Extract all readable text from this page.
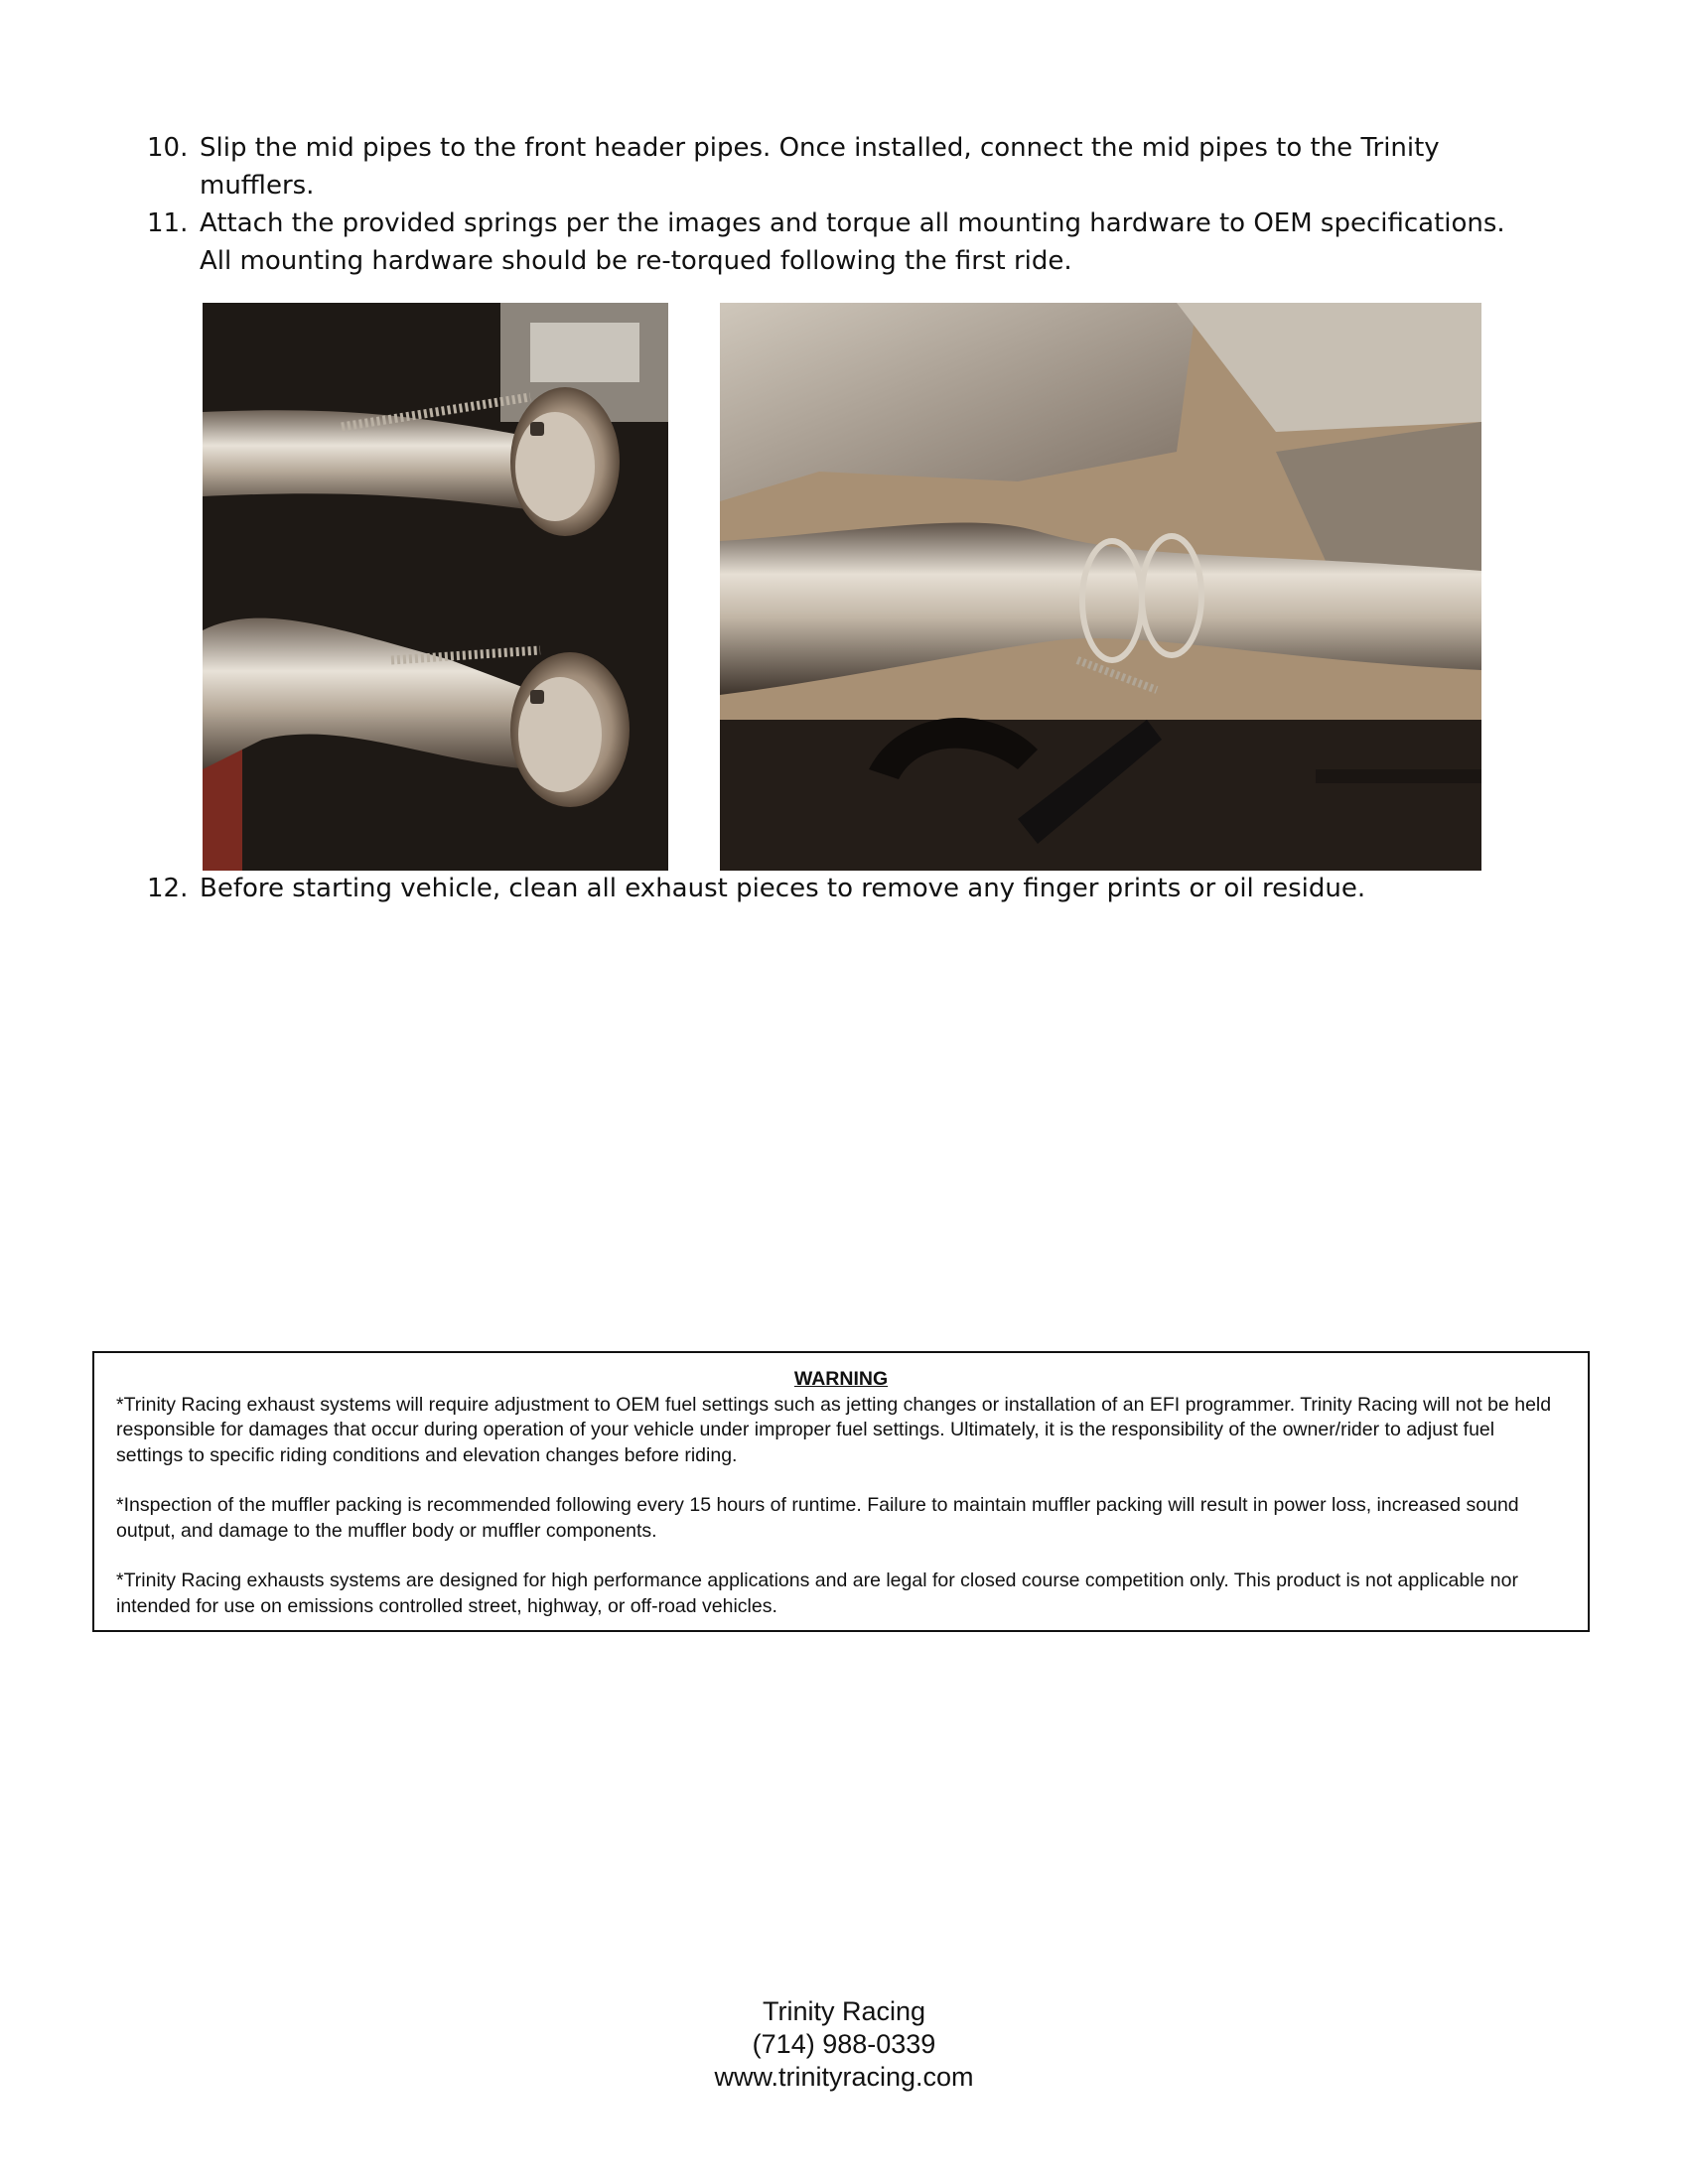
10. Slip the mid pipes to the front header pipes. Once installed, connect the mid pipes to the Trinity mufflers.
11. Attach the provided springs per the images and torque all mounting hardware to OEM specifications. All mounting hardware should be re-torqued following the first ride.
12. Before starting vehicle, clean all exhaust pieces to remove any finger prints or oil residue.
WARNING

*Trinity Racing exhaust systems will require adjustment to OEM fuel settings such as jetting changes or installation of an EFI programmer. Trinity Racing will not be held responsible for damages that occur during operation of your vehicle under improper fuel settings. Ultimately, it is the responsibility of the owner/rider to adjust fuel settings to specific riding conditions and elevation changes before riding.

*Inspection of the muffler packing is recommended following every 15 hours of runtime. Failure to maintain muffler packing will result in power loss, increased sound output, and damage to the muffler body or muffler components.

*Trinity Racing exhausts systems are designed for high performance applications and are legal for closed course competition only. This product is not applicable nor intended for use on emissions controlled street, highway, or off-road vehicles.

Trinity Racing
(714) 988-0339
www.trinityracing.com
